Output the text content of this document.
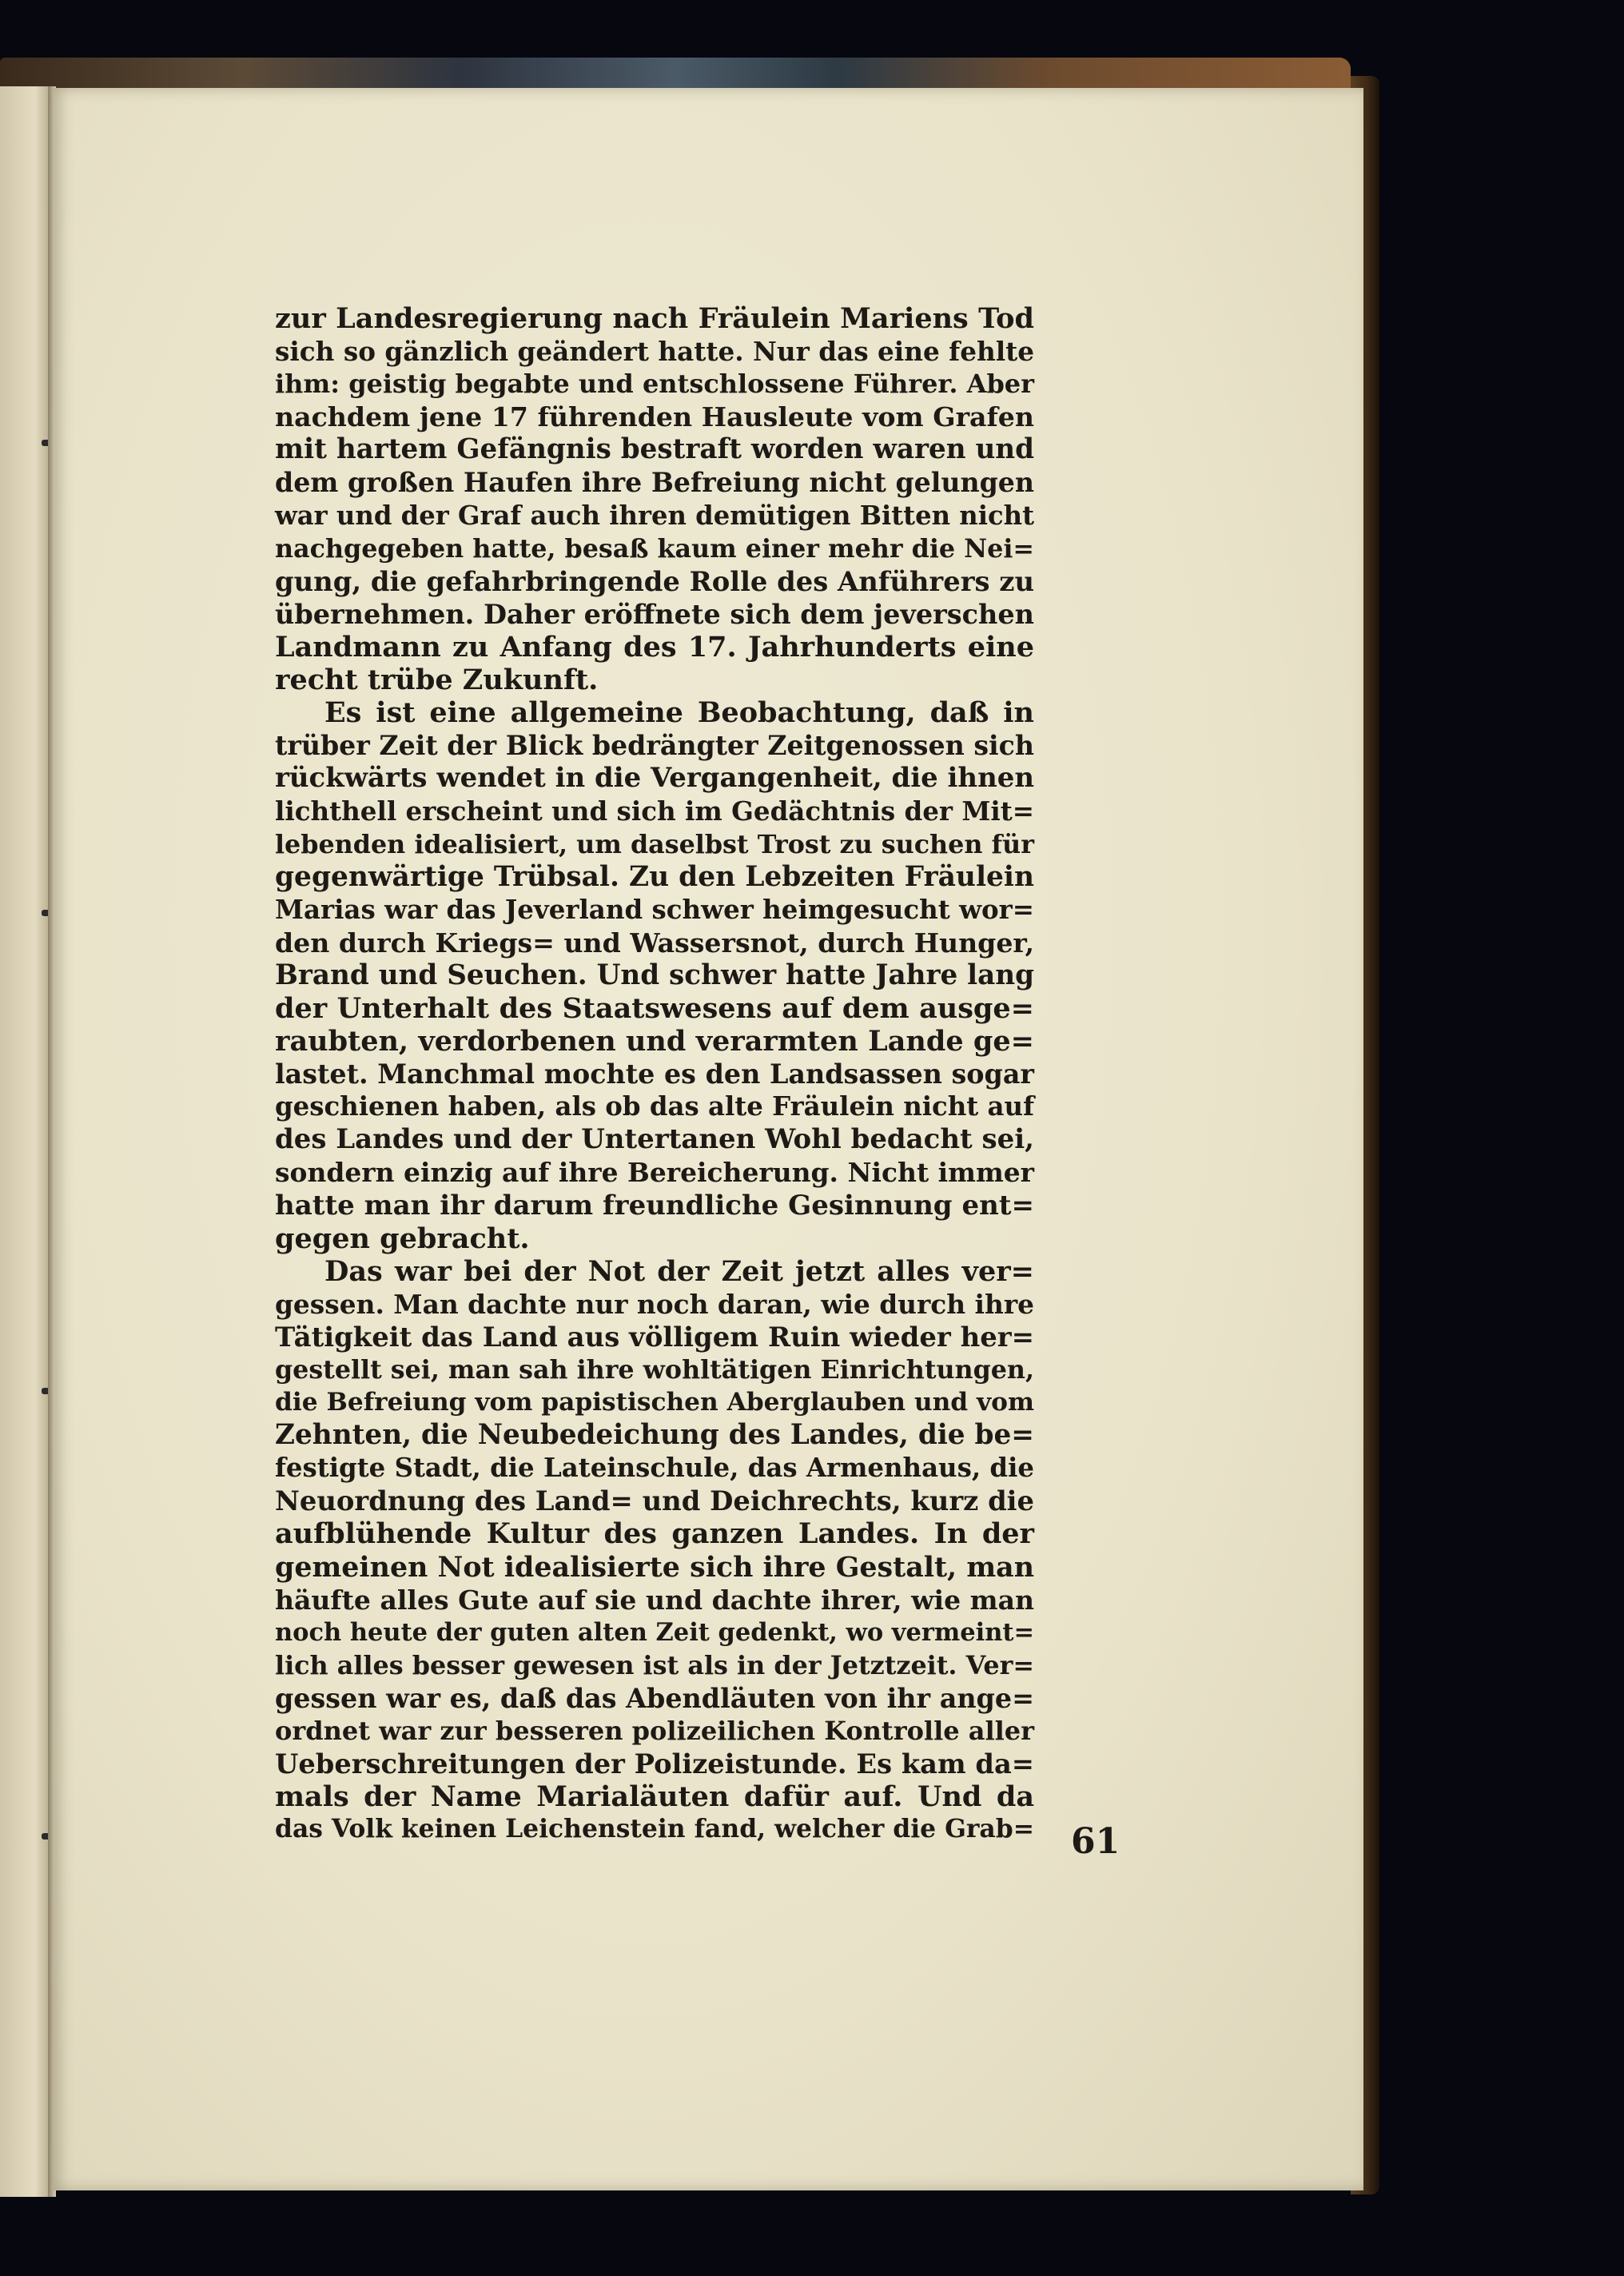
zur Landesregierung nach Fräulein Mariens Tod
sich so gänzlich geändert hatte. Nur das eine fehlte
ihm: geistig begabte und entschlossene Führer. Aber
nachdem jene 17 führenden Hausleute vom Grafen
mit hartem Gefängnis bestraft worden waren und
dem großen Haufen ihre Befreiung nicht gelungen
war und der Graf auch ihren demütigen Bitten nicht
nachgegeben hatte, besaß kaum einer mehr die Nei=
gung, die gefahrbringende Rolle des Anführers zu
übernehmen. Daher eröffnete sich dem jeverschen
Landmann zu Anfang des 17. Jahrhunderts eine
recht trübe Zukunft.
Es ist eine allgemeine Beobachtung, daß in
trüber Zeit der Blick bedrängter Zeitgenossen sich
rückwärts wendet in die Vergangenheit, die ihnen
lichthell erscheint und sich im Gedächtnis der Mit=
lebenden idealisiert, um daselbst Trost zu suchen für
gegenwärtige Trübsal. Zu den Lebzeiten Fräulein
Marias war das Jeverland schwer heimgesucht wor=
den durch Kriegs= und Wassersnot, durch Hunger,
Brand und Seuchen. Und schwer hatte Jahre lang
der Unterhalt des Staatswesens auf dem ausge=
raubten, verdorbenen und verarmten Lande ge=
lastet. Manchmal mochte es den Landsassen sogar
geschienen haben, als ob das alte Fräulein nicht auf
des Landes und der Untertanen Wohl bedacht sei,
sondern einzig auf ihre Bereicherung. Nicht immer
hatte man ihr darum freundliche Gesinnung ent=
gegen gebracht.
Das war bei der Not der Zeit jetzt alles ver=
gessen. Man dachte nur noch daran, wie durch ihre
Tätigkeit das Land aus völligem Ruin wieder her=
gestellt sei, man sah ihre wohltätigen Einrichtungen,
die Befreiung vom papistischen Aberglauben und vom
Zehnten, die Neubedeichung des Landes, die be=
festigte Stadt, die Lateinschule, das Armenhaus, die
Neuordnung des Land= und Deichrechts, kurz die
aufblühende Kultur des ganzen Landes. In der
gemeinen Not idealisierte sich ihre Gestalt, man
häufte alles Gute auf sie und dachte ihrer, wie man
noch heute der guten alten Zeit gedenkt, wo vermeint=
lich alles besser gewesen ist als in der Jetztzeit. Ver=
gessen war es, daß das Abendläuten von ihr ange=
ordnet war zur besseren polizeilichen Kontrolle aller
Ueberschreitungen der Polizeistunde. Es kam da=
mals der Name Marialäuten dafür auf. Und da
das Volk keinen Leichenstein fand, welcher die Grab= 61
